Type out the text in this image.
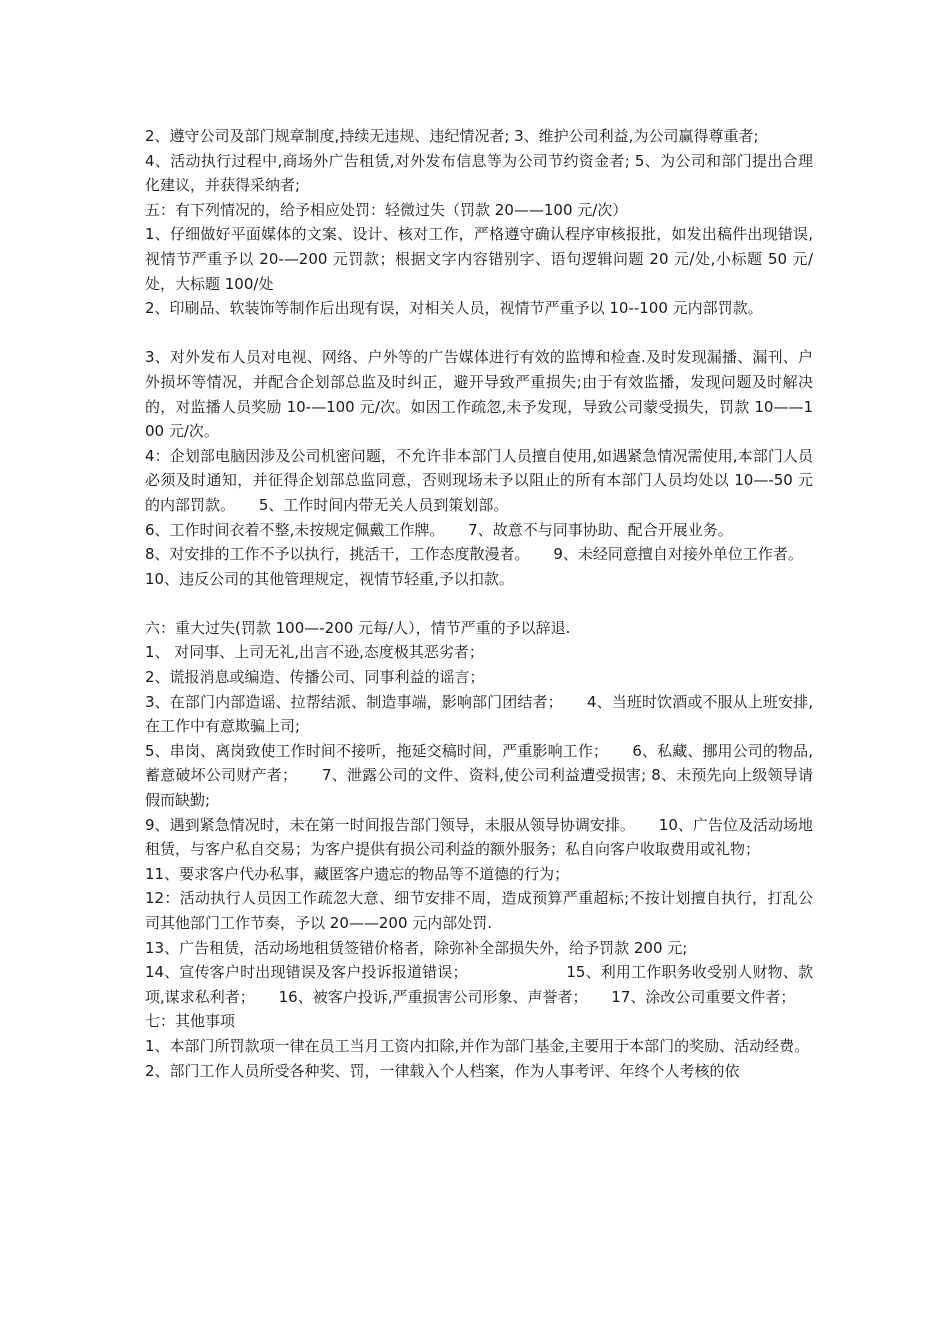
2、遵守公司及部门规章制度,持续无违规、违纪情况者; 3、维护公司利益,为公司赢得尊重者;

4、活动执行过程中,商场外广告租赁,对外发布信息等为公司节约资金者; 5、为公司和部门提出合理化建议，并获得采纳者;

五：有下列情况的，给予相应处罚：轻微过失（罚款 20——100 元/次）

1、仔细做好平面媒体的文案、设计、核对工作，严格遵守确认程序审核报批，如发出稿件出现错误,视情节严重予以 20-—200 元罚款；根据文字内容错别字、语句逻辑问题 20 元/处,小标题 50 元/处，大标题 100/处

2、印刷品、软装饰等制作后出现有误，对相关人员，视情节严重予以 10--100 元内部罚款。

3、对外发布人员对电视、网络、户外等的广告媒体进行有效的监博和检查.及时发现漏播、漏刊、户外损坏等情况，并配合企划部总监及时纠正，避开导致严重损失;由于有效监播，发现问题及时解决的，对监播人员奖励 10-—100 元/次。如因工作疏忽,未予发现，导致公司蒙受损失，罚款 10——100 元/次。

4：企划部电脑因涉及公司机密问题，不允许非本部门人员擅自使用,如遇紧急情况需使用,本部门人员必须及时通知，并征得企划部总监同意，否则现场未予以阻止的所有本部门人员均处以 10—-50 元的内部罚款。     5、工作时间内带无关人员到策划部。

6、工作时间衣着不整,未按规定佩戴工作牌。     7、故意不与同事协助、配合开展业务。

8、对安排的工作不予以执行，挑活干，工作态度散漫者。     9、未经同意擅自对接外单位工作者。

10、违反公司的其他管理规定，视情节轻重,予以扣款。

六：重大过失(罚款 100—-200 元每/人），情节严重的予以辞退.

1、 对同事、上司无礼,出言不逊,态度极其恶劣者；

2、谎报消息或编造、传播公司、同事利益的谣言；

3、在部门内部造谣、拉帮结派、制造事端，影响部门团结者；     4、当班时饮酒或不服从上班安排,在工作中有意欺骗上司;

5、串岗、离岗致使工作时间不接听，拖延交稿时间，严重影响工作；     6、私藏、挪用公司的物品,蓄意破坏公司财产者；     7、泄露公司的文件、资料,使公司利益遭受损害; 8、未预先向上级领导请假而缺勤;

9、遇到紧急情况时，未在第一时间报告部门领导，未服从领导协调安排。     10、广告位及活动场地租赁，与客户私自交易；为客户提供有损公司利益的额外服务；私自向客户收取费用或礼物；

11、要求客户代办私事，藏匿客户遗忘的物品等不道德的行为；

12：活动执行人员因工作疏忽大意、细节安排不周，造成预算严重超标;不按计划擅自执行，打乱公司其他部门工作节奏，予以 20——200 元内部处罚.

13、广告租赁，活动场地租赁签错价格者，除弥补全部损失外，给予罚款 200 元;

14、宣传客户时出现错误及客户投诉报道错误；                    15、利用工作职务收受别人财物、款项,谋求私利者；     16、被客户投诉,严重损害公司形象、声誉者；     17、涂改公司重要文件者；

七：其他事项

1、本部门所罚款项一律在员工当月工资内扣除,并作为部门基金,主要用于本部门的奖励、活动经费。

2、部门工作人员所受各种奖、罚，一律载入个人档案，作为人事考评、年终个人考核的依
